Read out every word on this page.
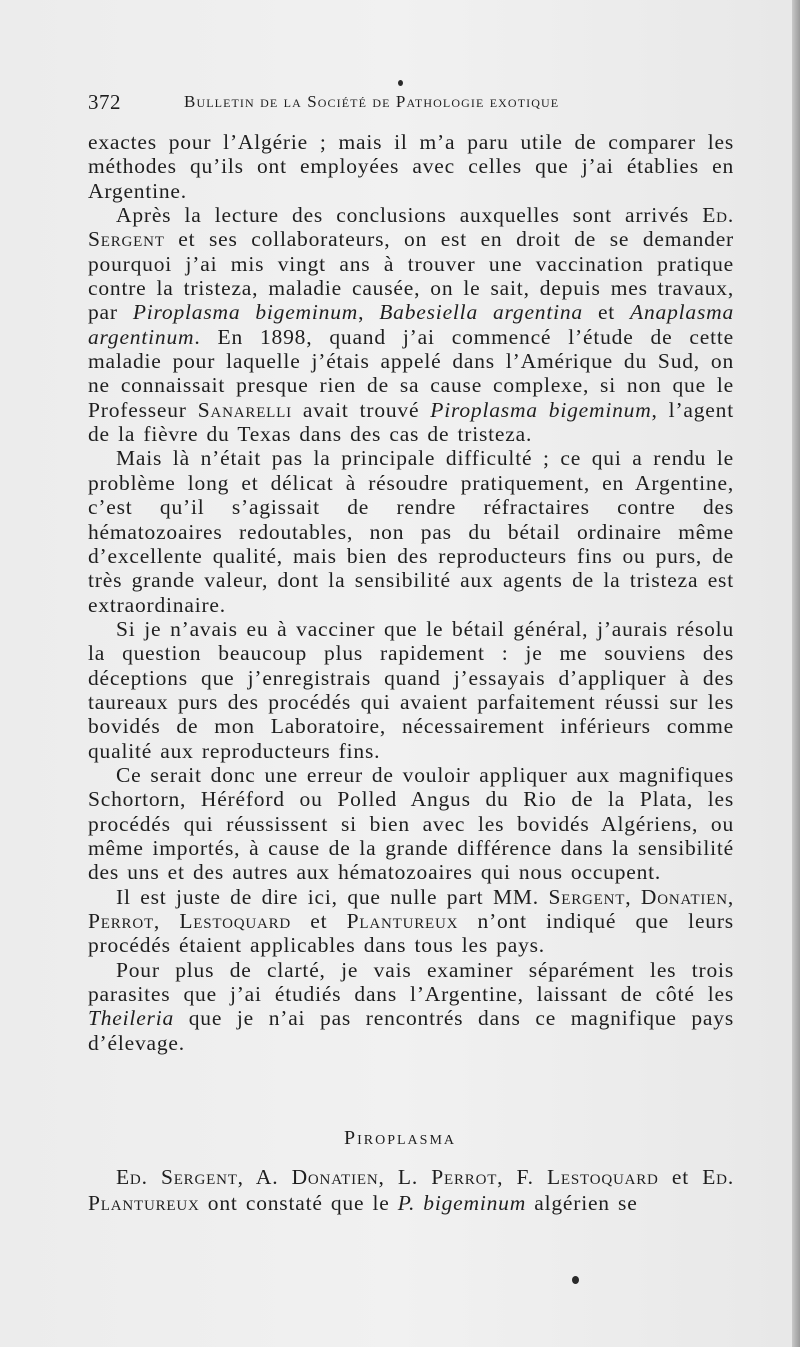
372	Bulletin de la Société de Pathologie exotique

exactes pour l’Algérie ; mais il m’a paru utile de comparer les méthodes qu’ils ont employées avec celles que j’ai établies en Argentine.

Après la lecture des conclusions auxquelles sont arrivés Ed. Sergent et ses collaborateurs, on est en droit de se demander pourquoi j’ai mis vingt ans à trouver une vaccination pratique contre la tristeza, maladie causée, on le sait, depuis mes travaux, par Piroplasma bigeminum, Babesiella argentina et Anaplasma argentinum. En 1898, quand j’ai commencé l’étude de cette maladie pour laquelle j’étais appelé dans l’Amérique du Sud, on ne connaissait presque rien de sa cause complexe, si non que le Professeur Sanarelli avait trouvé Piroplasma bigeminum, l’agent de la fièvre du Texas dans des cas de tristeza.

Mais là n’était pas la principale difficulté ; ce qui a rendu le problème long et délicat à résoudre pratiquement, en Argentine, c’est qu’il s’agissait de rendre réfractaires contre des hématozoaires redoutables, non pas du bétail ordinaire même d’excellente qualité, mais bien des reproducteurs fins ou purs, de très grande valeur, dont la sensibilité aux agents de la tristeza est extraordinaire.

Si je n’avais eu à vacciner que le bétail général, j’aurais résolu la question beaucoup plus rapidement : je me souviens des déceptions que j’enregistrais quand j’essayais d’appliquer à des taureaux purs des procédés qui avaient parfaitement réussi sur les bovidés de mon Laboratoire, nécessairement inférieurs comme qualité aux reproducteurs fins.

Ce serait donc une erreur de vouloir appliquer aux magnifiques Schortorn, Héréford ou Polled Angus du Rio de la Plata, les procédés qui réussissent si bien avec les bovidés Algériens, ou même importés, à cause de la grande différence dans la sensibilité des uns et des autres aux hématozoaires qui nous occupent.

Il est juste de dire ici, que nulle part MM. Sergent, Donatien, Perrot, Lestoquard et Plantureux n’ont indiqué que leurs procédés étaient applicables dans tous les pays.

Pour plus de clarté, je vais examiner séparément les trois parasites que j’ai étudiés dans l’Argentine, laissant de côté les Theileria que je n’ai pas rencontrés dans ce magnifique pays d’élevage.

Piroplasma

Ed. Sergent, A. Donatien, L. Perrot, F. Lestoquard et Ed. Plantureux ont constaté que le P. bigeminum algérien se
